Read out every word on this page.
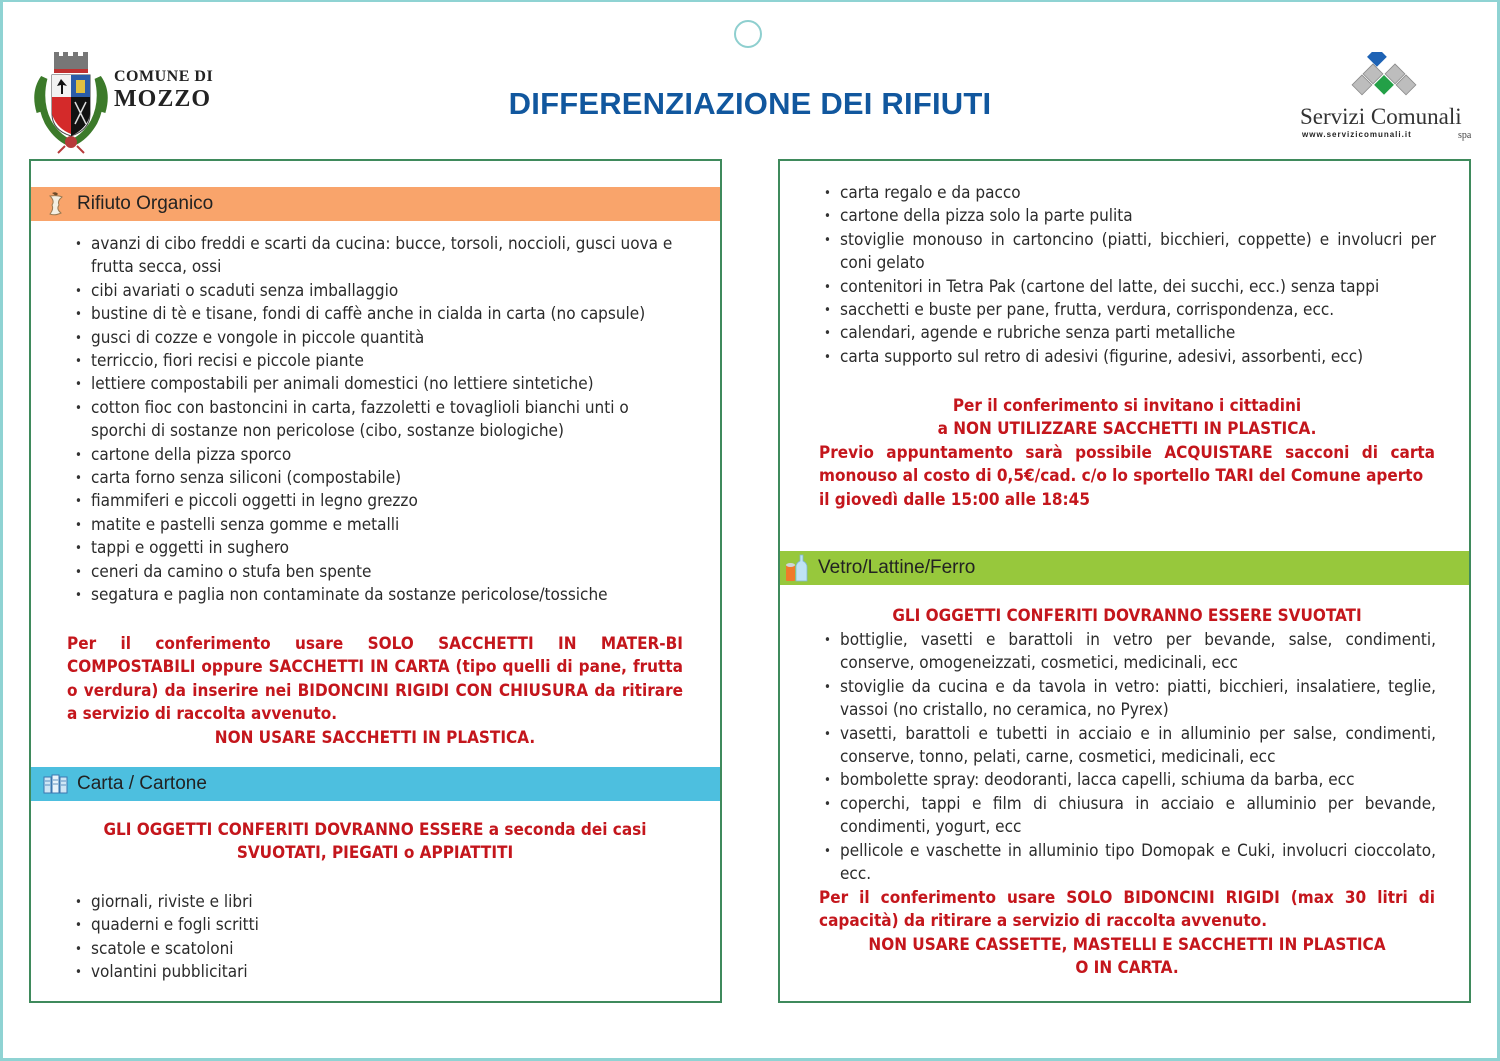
COMUNE DI
MOZZO	DIFFERENZIAZIONE DEI RIFIUTI	Servizi Comunali
www.servizicomunali.it	spa
Rifiuto Organico
• avanzi di cibo freddi e scarti da cucina: bucce, torsoli, noccioli, gusci uova e frutta secca, ossi
• cibi avariati o scaduti senza imballaggio
• bustine di tè e tisane, fondi di caffè anche in cialda in carta (no capsule)
• gusci di cozze e vongole in piccole quantità
• terriccio, fiori recisi e piccole piante
• lettiere compostabili per animali domestici (no lettiere sintetiche)
• cotton fioc con bastoncini in carta, fazzoletti e tovaglioli bianchi unti o sporchi di sostanze non pericolose (cibo, sostanze biologiche)
• cartone della pizza sporco
• carta forno senza siliconi (compostabile)
• fiammiferi e piccoli oggetti in legno grezzo
• matite e pastelli senza gomme e metalli
• tappi e oggetti in sughero
• ceneri da camino o stufa ben spente
• segatura e paglia non contaminate da sostanze pericolose/tossiche
Per il conferimento usare SOLO SACCHETTI IN MATER-BI COMPOSTABILI oppure SACCHETTI IN CARTA (tipo quelli di pane, frutta o verdura) da inserire nei BIDONCINI RIGIDI CON CHIUSURA da ritirare a servizio di raccolta avvenuto.
NON USARE SACCHETTI IN PLASTICA.
Carta / Cartone
GLI OGGETTI CONFERITI DOVRANNO ESSERE a seconda dei casi
SVUOTATI, PIEGATI o APPIATTITI
• giornali, riviste e libri
• quaderni e fogli scritti
• scatole e scatoloni
• volantini pubblicitari
• carta regalo e da pacco
• cartone della pizza solo la parte pulita
• stoviglie monouso in cartoncino (piatti, bicchieri, coppette) e involucri per coni gelato
• contenitori in Tetra Pak (cartone del latte, dei succhi, ecc.) senza tappi
• sacchetti e buste per pane, frutta, verdura, corrispondenza, ecc.
• calendari, agende e rubriche senza parti metalliche
• carta supporto sul retro di adesivi (figurine, adesivi, assorbenti, ecc)
Per il conferimento si invitano i cittadini
a NON UTILIZZARE SACCHETTI IN PLASTICA.
Previo appuntamento sarà possibile ACQUISTARE sacconi di carta monouso al costo di 0,5€/cad. c/o lo sportello TARI del Comune aperto
il giovedì dalle 15:00 alle 18:45
Vetro/Lattine/Ferro
GLI OGGETTI CONFERITI DOVRANNO ESSERE SVUOTATI
• bottiglie, vasetti e barattoli in vetro per bevande, salse, condimenti, conserve, omogeneizzati, cosmetici, medicinali, ecc
• stoviglie da cucina e da tavola in vetro: piatti, bicchieri, insalatiere, teglie, vassoi (no cristallo, no ceramica, no Pyrex)
• vasetti, barattoli e tubetti in acciaio e in alluminio per salse, condimenti, conserve, tonno, pelati, carne, cosmetici, medicinali, ecc
• bombolette spray: deodoranti, lacca capelli, schiuma da barba, ecc
• coperchi, tappi e film di chiusura in acciaio e alluminio per bevande, condimenti, yogurt, ecc
• pellicole e vaschette in alluminio tipo Domopak e Cuki, involucri cioccolato, ecc.
Per il conferimento usare SOLO BIDONCINI RIGIDI (max 30 litri di capacità) da ritirare a servizio di raccolta avvenuto.
NON USARE CASSETTE, MASTELLI E SACCHETTI IN PLASTICA
O IN CARTA.
